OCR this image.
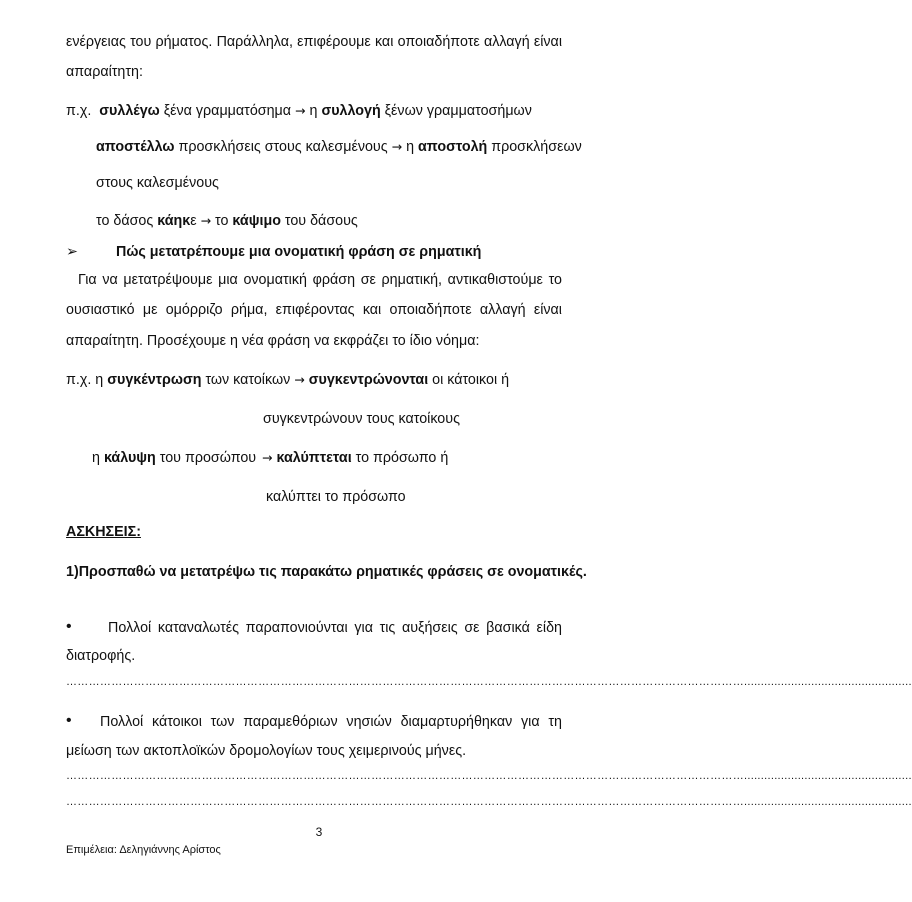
ενέργειας του ρήματος. Παράλληλα, επιφέρουμε και οποιαδήποτε αλλαγή είναι
απαραίτητη:
π.χ. συλλέγω ξένα γραμματόσημα → η συλλογή ξένων γραμματοσήμων
αποστέλλω προσκλήσεις στους καλεσμένους → η αποστολή προσκλήσεων
στους καλεσμένους
το δάσος κάηκε → το κάψιμο του δάσους
➢	Πώς μετατρέπουμε μια ονοματική φράση σε ρηματική
Για να μετατρέψουμε μια ονοματική φράση σε ρηματική, αντικαθιστούμε το
ουσιαστικό με ομόρριζο ρήμα, επιφέροντας και οποιαδήποτε αλλαγή είναι
απαραίτητη. Προσέχουμε η νέα φράση να εκφράζει το ίδιο νόημα:
π.χ. η συγκέντρωση των κατοίκων → συγκεντρώνονται οι κάτοικοι ή
συγκεντρώνουν τους κατοίκους
η κάλυψη του προσώπου → καλύπτεται το πρόσωπο ή
καλύπτει το πρόσωπο
ΑΣΚΗΣΕΙΣ:
1)Προσπαθώ να μετατρέψω τις παρακάτω ρηματικές φράσεις σε ονοματικές.
•	Πολλοί καταναλωτές παραπονιούνται για τις αυξήσεις σε βασικά είδη
διατροφής.
………………………………………………………………………………………………………………………………………………………………..................................................
• Πολλοί κάτοικοι των παραμεθόριων νησιών διαμαρτυρήθηκαν για τη
μείωση των ακτοπλοϊκών δρομολογίων τους χειμερινούς μήνες.
………………………………………………………………………………………………………………………………………………………………..................................................
………………………………………………………………………………………………………………………………………………………………..................................................
3
Επιμέλεια: Δεληγιάννης Αρίστος
